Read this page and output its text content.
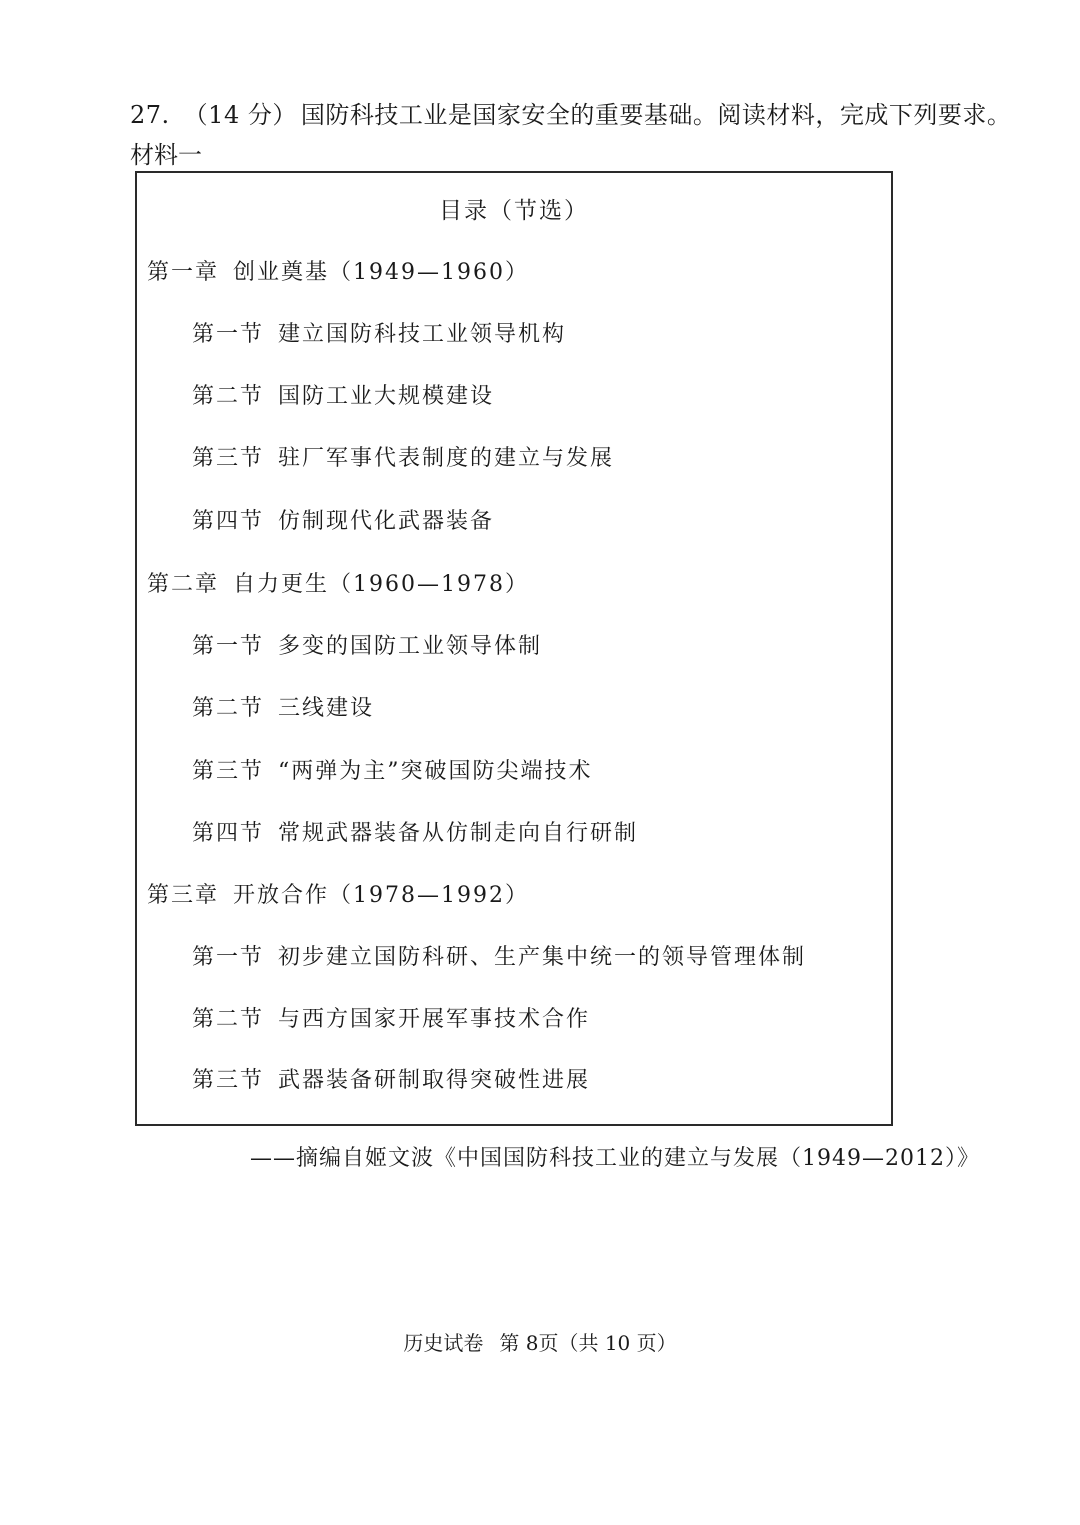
27. （14 分） 国防科技工业是国家安全的重要基础。阅读材料，完成下列要求。
材料一
目录（节选）
第一章 创业奠基（1949—1960）
第一节 建立国防科技工业领导机构
第二节 国防工业大规模建设
第三节 驻厂军事代表制度的建立与发展
第四节 仿制现代化武器装备
第二章 自力更生（1960—1978）
第一节 多变的国防工业领导体制
第二节 三线建设
第三节 “两弹为主”突破国防尖端技术
第四节 常规武器装备从仿制走向自行研制
第三章 开放合作（1978—1992）
第一节 初步建立国防科研、生产集中统一的领导管理体制
第二节 与西方国家开展军事技术合作
第三节 武器装备研制取得突破性进展
——摘编自姬文波《中国国防科技工业的建立与发展（1949—2012）》
历史试卷 第 8页（共 10 页）
